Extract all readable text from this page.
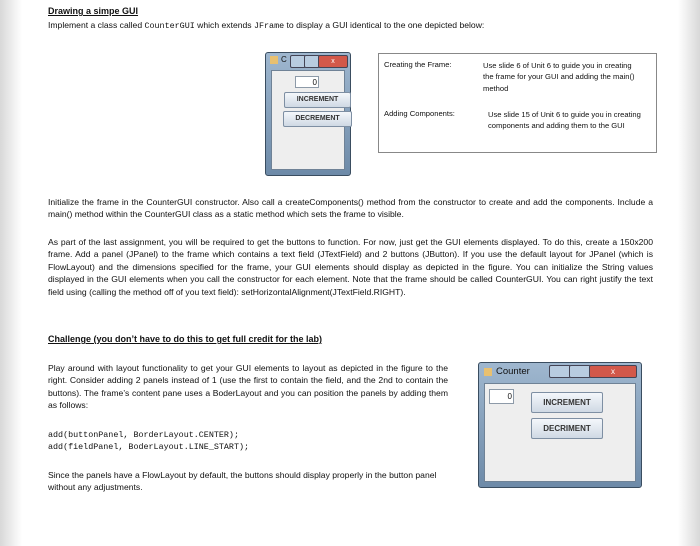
Drawing a simpe GUI

Implement a class called CounterGUI which extends JFrame to display a GUI identical to the one depicted below:

C	x
0
INCREMENT
DECREMENT
Creating the Frame:	Use slide 6 of Unit 6 to guide you in creating the frame for your GUI and adding the main() method
Adding Components:	Use slide 15 of Unit 6 to guide you in creating components and adding them to the GUI

Initialize the frame in the CounterGUI constructor. Also call a createComponents() method from the constructor to create and add the components. Include a main() method within the CounterGUI class as a static method which sets the frame to visible.

As part of the last assignment, you will be required to get the buttons to function. For now, just get the GUI elements displayed. To do this, create a 150x200 frame. Add a panel (JPanel) to the frame which contains a text field (JTextField) and 2 buttons (JButton). If you use the default layout for JPanel (which is FlowLayout) and the dimensions specified for the frame, your GUI elements should display as depicted in the figure. You can initialize the String values displayed in the GUI elements when you call the constructor for each element. Note that the frame should be called CounterGUI. You can right justify the text field using (calling the method off of you text field): setHorizontalAlignment(JTextField.RIGHT).

Challenge (you don’t have to do this to get full credit for the lab)

Play around with layout functionality to get your GUI elements to layout as depicted in the figure to the right. Consider adding 2 panels instead of 1 (use the first to contain the field, and the 2nd to contain the buttons). The frame’s content pane uses a BoderLayout and you can position the panels by adding them as follows:

add(buttonPanel, BorderLayout.CENTER);
add(fieldPanel, BoderLayout.LINE_START);

Since the panels have a FlowLayout by default, the buttons should display properly in the button panel without any adjustments.

Counter	x
0
INCREMENT
DECRIMENT
